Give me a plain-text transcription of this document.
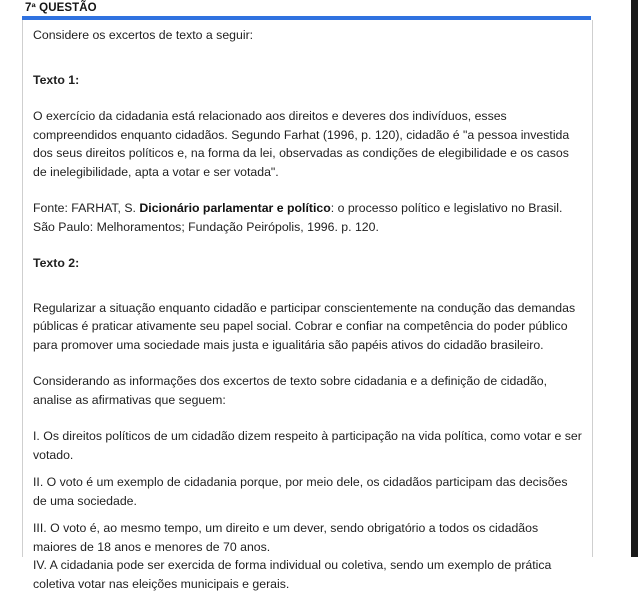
7ª QUESTÃO

Considere os excertos de texto a seguir:

Texto 1:

O exercício da cidadania está relacionado aos direitos e deveres dos indivíduos, esses compreendidos enquanto cidadãos. Segundo Farhat (1996, p. 120), cidadão é "a pessoa investida dos seus direitos políticos e, na forma da lei, observadas as condições de elegibilidade e os casos de inelegibilidade, apta a votar e ser votada".

Fonte: FARHAT, S. Dicionário parlamentar e político: o processo político e legislativo no Brasil. São Paulo: Melhoramentos; Fundação Peirópolis, 1996. p. 120.

Texto 2:

Regularizar a situação enquanto cidadão e participar conscientemente na condução das demandas públicas é praticar ativamente seu papel social. Cobrar e confiar na competência do poder público para promover uma sociedade mais justa e igualitária são papéis ativos do cidadão brasileiro.

Considerando as informações dos excertos de texto sobre cidadania e a definição de cidadão, analise as afirmativas que seguem:

I. Os direitos políticos de um cidadão dizem respeito à participação na vida política, como votar e ser votado.

II. O voto é um exemplo de cidadania porque, por meio dele, os cidadãos participam das decisões de uma sociedade.

III. O voto é, ao mesmo tempo, um direito e um dever, sendo obrigatório a todos os cidadãos maiores de 18 anos e menores de 70 anos.

IV. A cidadania pode ser exercida de forma individual ou coletiva, sendo um exemplo de prática coletiva votar nas eleições municipais e gerais.
